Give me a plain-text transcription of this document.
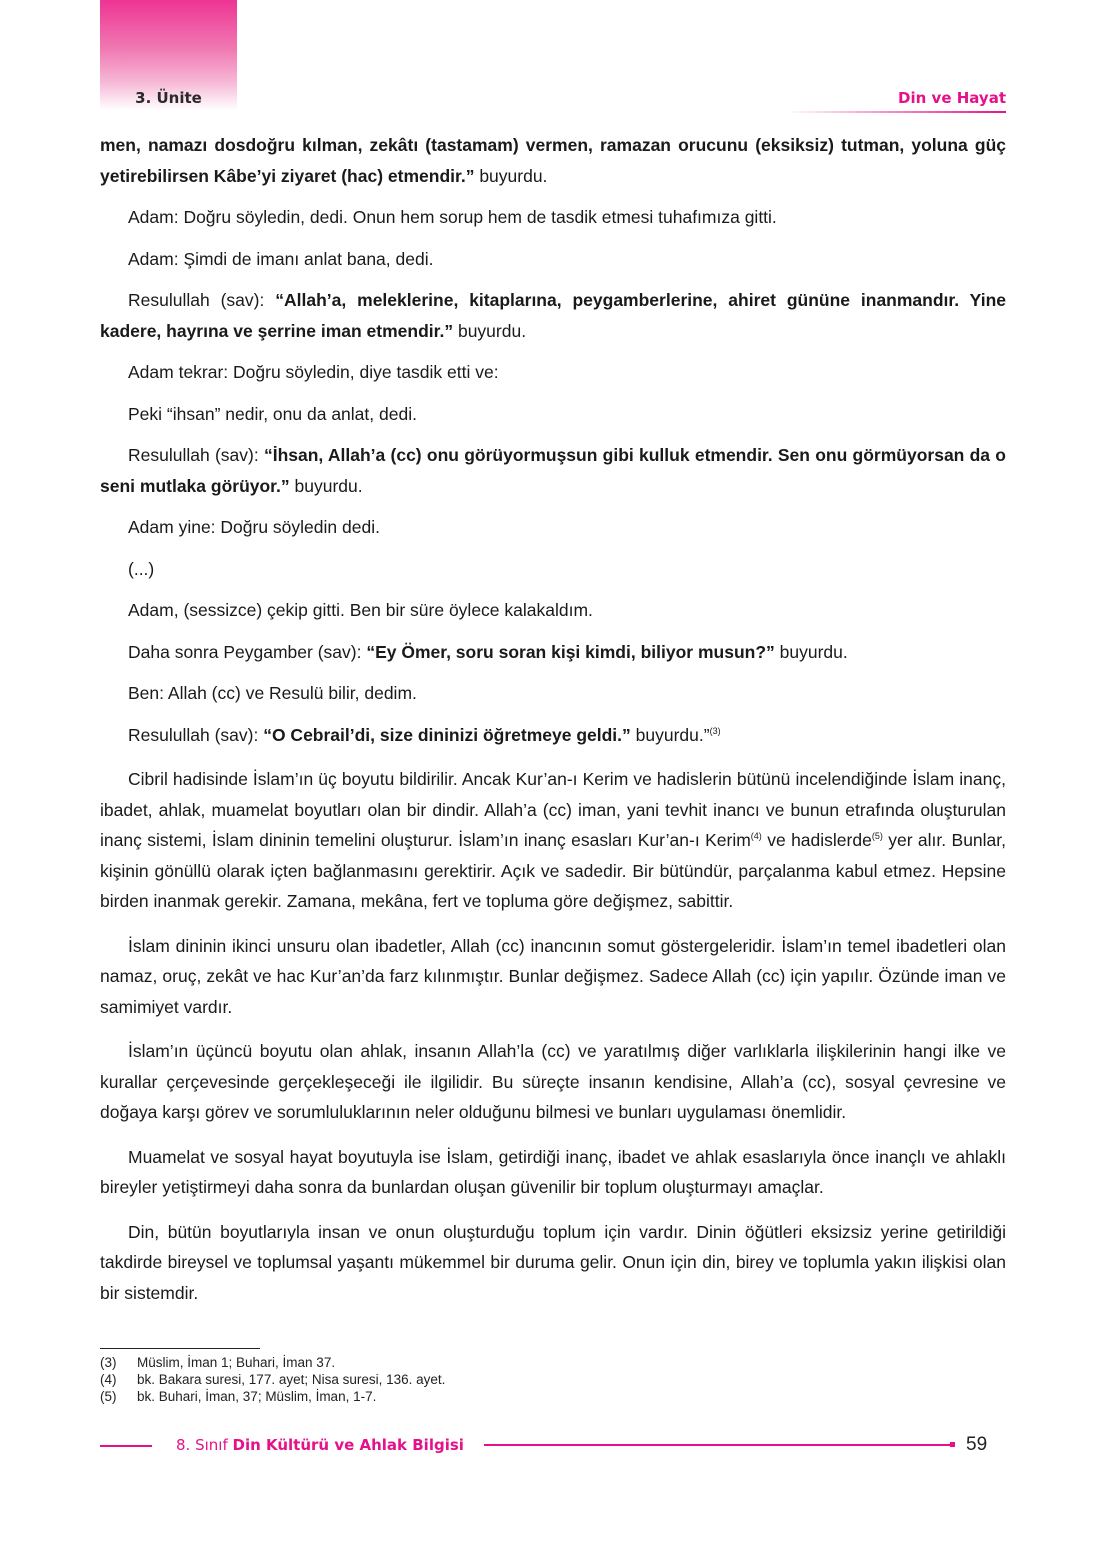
3. Ünite	Din ve Hayat

men, namazı dosdoğru kılman, zekâtı (tastamam) vermen, ramazan orucunu (eksiksiz) tutman, yoluna güç yetirebilirsen Kâbe’yi ziyaret (hac) etmendir.” buyurdu.

Adam: Doğru söyledin, dedi. Onun hem sorup hem de tasdik etmesi tuhafımıza gitti.

Adam: Şimdi de imanı anlat bana, dedi.

Resulullah (sav): “Allah’a, meleklerine, kitaplarına, peygamberlerine, ahiret gününe inanmandır. Yine kadere, hayrına ve şerrine iman etmendir.” buyurdu.

Adam tekrar: Doğru söyledin, diye tasdik etti ve:

Peki “ihsan” nedir, onu da anlat, dedi.

Resulullah (sav): “İhsan, Allah’a (cc) onu görüyormuşsun gibi kulluk etmendir. Sen onu görmüyorsan da o seni mutlaka görüyor.” buyurdu.

Adam yine: Doğru söyledin dedi.

(...)

Adam, (sessizce) çekip gitti. Ben bir süre öylece kalakaldım.

Daha sonra Peygamber (sav): “Ey Ömer, soru soran kişi kimdi, biliyor musun?” buyurdu.

Ben: Allah (cc) ve Resulü bilir, dedim.

Resulullah (sav): “O Cebrail’di, size dininizi öğretmeye geldi.” buyurdu.”$^{(3)}$

Cibril hadisinde İslam’ın üç boyutu bildirilir. Ancak Kur’an-ı Kerim ve hadislerin bütünü incelendiğinde İslam inanç, ibadet, ahlak, muamelat boyutları olan bir dindir. Allah’a (cc) iman, yani tevhit inancı ve bunun etrafında oluşturulan inanç sistemi, İslam dininin temelini oluşturur. İslam’ın inanç esasları Kur’an-ı Kerim$^{(4)}$ ve hadislerde$^{(5)}$ yer alır. Bunlar, kişinin gönüllü olarak içten bağlanmasını gerektirir. Açık ve sadedir. Bir bütündür, parçalanma kabul etmez. Hepsine birden inanmak gerekir. Zamana, mekâna, fert ve topluma göre değişmez, sabittir.

İslam dininin ikinci unsuru olan ibadetler, Allah (cc) inancının somut göstergeleridir. İslam’ın temel ibadetleri olan namaz, oruç, zekât ve hac Kur’an’da farz kılınmıştır. Bunlar değişmez. Sadece Allah (cc) için yapılır. Özünde iman ve samimiyet vardır.

İslam’ın üçüncü boyutu olan ahlak, insanın Allah’la (cc) ve yaratılmış diğer varlıklarla ilişkilerinin hangi ilke ve kurallar çerçevesinde gerçekleşeceği ile ilgilidir. Bu süreçte insanın kendisine, Allah’a (cc), sosyal çevresine ve doğaya karşı görev ve sorumluluklarının neler olduğunu bilmesi ve bunları uygulaması önemlidir.

Muamelat ve sosyal hayat boyutuyla ise İslam, getirdiği inanç, ibadet ve ahlak esaslarıyla önce inançlı ve ahlaklı bireyler yetiştirmeyi daha sonra da bunlardan oluşan güvenilir bir toplum oluşturmayı amaçlar.

Din, bütün boyutlarıyla insan ve onun oluşturduğu toplum için vardır. Dinin öğütleri eksizsiz yerine getirildiği takdirde bireysel ve toplumsal yaşantı mükemmel bir duruma gelir. Onun için din, birey ve toplumla yakın ilişkisi olan bir sistemdir.

(3)	Müslim, İman 1; Buhari, İman 37.
(4)	bk. Bakara suresi, 177. ayet; Nisa suresi, 136. ayet.
(5)	bk. Buhari, İman, 37; Müslim, İman, 1-7.
8. Sınıf Din Kültürü ve Ahlak Bilgisi	59
